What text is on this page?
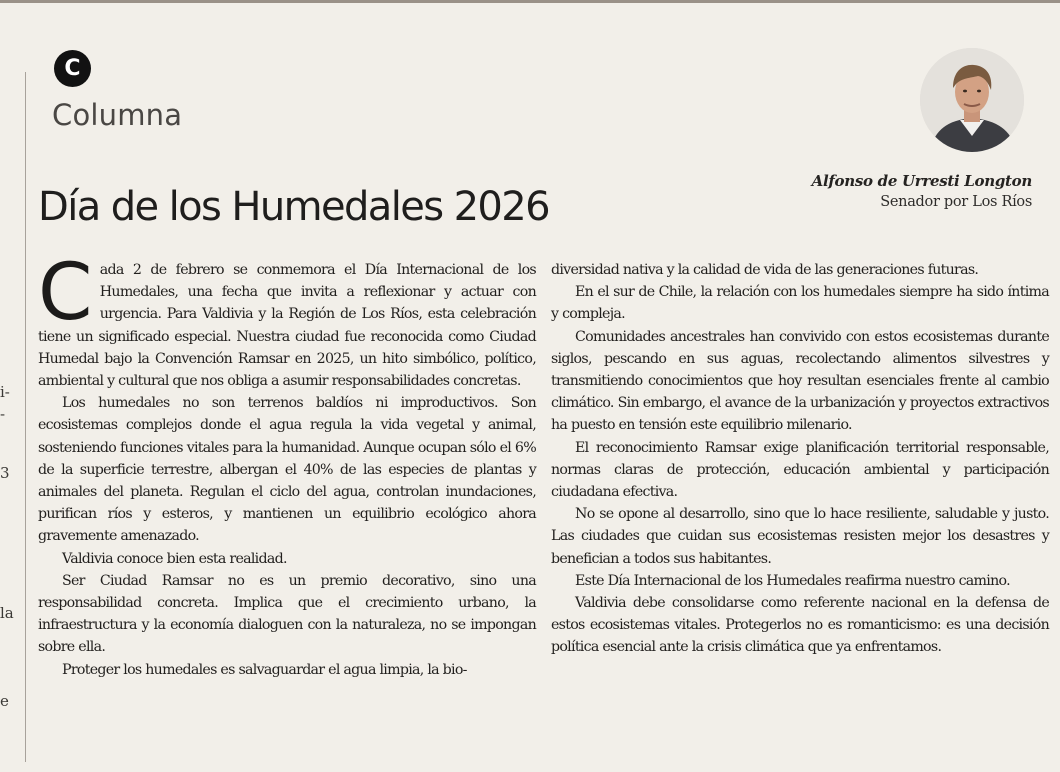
i-
-
3
la
e
C
Columna
Alfonso de Urresti Longton
Senador por Los Ríos
Día de los Humedales 2026

Cada 2 de febrero se conmemora el Día Internacional de los Humedales, una fecha que invita a reflexionar y actuar con urgencia. Para Valdivia y la Región de Los Ríos, esta celebración tiene un significado especial. Nuestra ciudad fue reconocida como Ciudad Humedal bajo la Convención Ramsar en 2025, un hito simbólico, político, ambiental y cultural que nos obliga a asumir responsabilidades concretas.

Los humedales no son terrenos baldíos ni improductivos. Son ecosistemas complejos donde el agua regula la vida vegetal y animal, sosteniendo funciones vitales para la humanidad. Aunque ocupan sólo el 6% de la superficie terrestre, albergan el 40% de las especies de plantas y animales del planeta. Regulan el ciclo del agua, controlan inundaciones, purifican ríos y esteros, y mantienen un equilibrio ecológico ahora gravemente amenazado.

Valdivia conoce bien esta realidad.

Ser Ciudad Ramsar no es un premio decorativo, sino una responsabilidad concreta. Implica que el crecimiento urbano, la infraestructura y la economía dialoguen con la naturaleza, no se impongan sobre ella.

Proteger los humedales es salvaguardar el agua limpia, la bio-

diversidad nativa y la calidad de vida de las generaciones futuras.

En el sur de Chile, la relación con los humedales siempre ha sido íntima y compleja.

Comunidades ancestrales han convivido con estos ecosistemas durante siglos, pescando en sus aguas, recolectando alimentos silvestres y transmitiendo conocimientos que hoy resultan esenciales frente al cambio climático. Sin embargo, el avance de la urbanización y proyectos extractivos ha puesto en tensión este equilibrio milenario.

El reconocimiento Ramsar exige planificación territorial responsable, normas claras de protección, educación ambiental y participación ciudadana efectiva.

No se opone al desarrollo, sino que lo hace resiliente, saludable y justo. Las ciudades que cuidan sus ecosistemas resisten mejor los desastres y benefician a todos sus habitantes.

Este Día Internacional de los Humedales reafirma nuestro camino.

Valdivia debe consolidarse como referente nacional en la defensa de estos ecosistemas vitales. Protegerlos no es romanticismo: es una decisión política esencial ante la crisis climática que ya enfrentamos.
